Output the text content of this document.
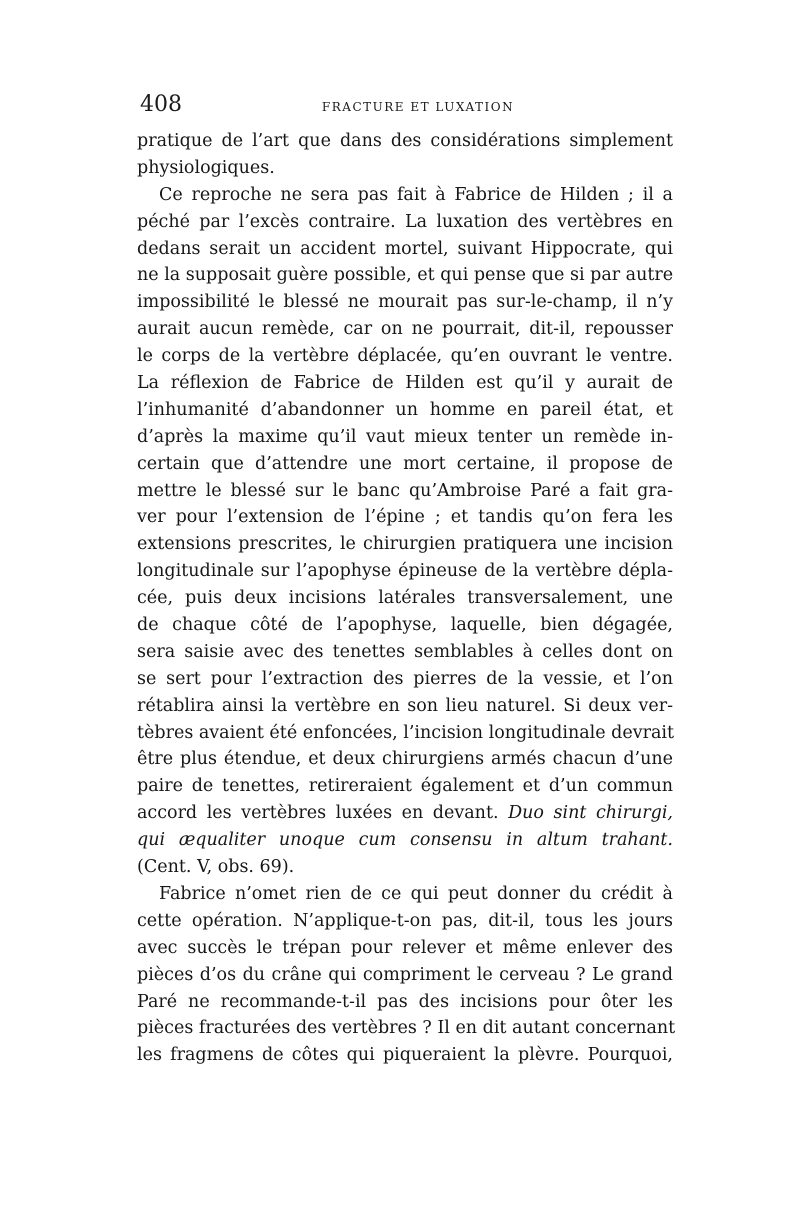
408	FRACTURE ET LUXATION
pratique de l’art que dans des considérations simplement
physiologiques.
Ce reproche ne sera pas fait à Fabrice de Hilden ; il a
péché par l’excès contraire. La luxation des vertèbres en
dedans serait un accident mortel, suivant Hippocrate, qui
ne la supposait guère possible, et qui pense que si par autre
impossibilité le blessé ne mourait pas sur-le-champ, il n’y
aurait aucun remède, car on ne pourrait, dit-il, repousser
le corps de la vertèbre déplacée, qu’en ouvrant le ventre.
La réflexion de Fabrice de Hilden est qu’il y aurait de
l’inhumanité d’abandonner un homme en pareil état, et
d’après la maxime qu’il vaut mieux tenter un remède in-
certain que d’attendre une mort certaine, il propose de
mettre le blessé sur le banc qu’Ambroise Paré a fait gra-
ver pour l’extension de l’épine ; et tandis qu’on fera les
extensions prescrites, le chirurgien pratiquera une incision
longitudinale sur l’apophyse épineuse de la vertèbre dépla-
cée, puis deux incisions latérales transversalement, une
de chaque côté de l’apophyse, laquelle, bien dégagée,
sera saisie avec des tenettes semblables à celles dont on
se sert pour l’extraction des pierres de la vessie, et l’on
rétablira ainsi la vertèbre en son lieu naturel. Si deux ver-
tèbres avaient été enfoncées, l’incision longitudinale devrait
être plus étendue, et deux chirurgiens armés chacun d’une
paire de tenettes, retireraient également et d’un commun
accord les vertèbres luxées en devant. Duo sint chirurgi,
qui æqualiter unoque cum consensu in altum trahant.
(Cent. V, obs. 69).
Fabrice n’omet rien de ce qui peut donner du crédit à
cette opération. N’applique-t-on pas, dit-il, tous les jours
avec succès le trépan pour relever et même enlever des
pièces d’os du crâne qui compriment le cerveau ? Le grand
Paré ne recommande-t-il pas des incisions pour ôter les
pièces fracturées des vertèbres ? Il en dit autant concernant
les fragmens de côtes qui piqueraient la plèvre. Pourquoi,
